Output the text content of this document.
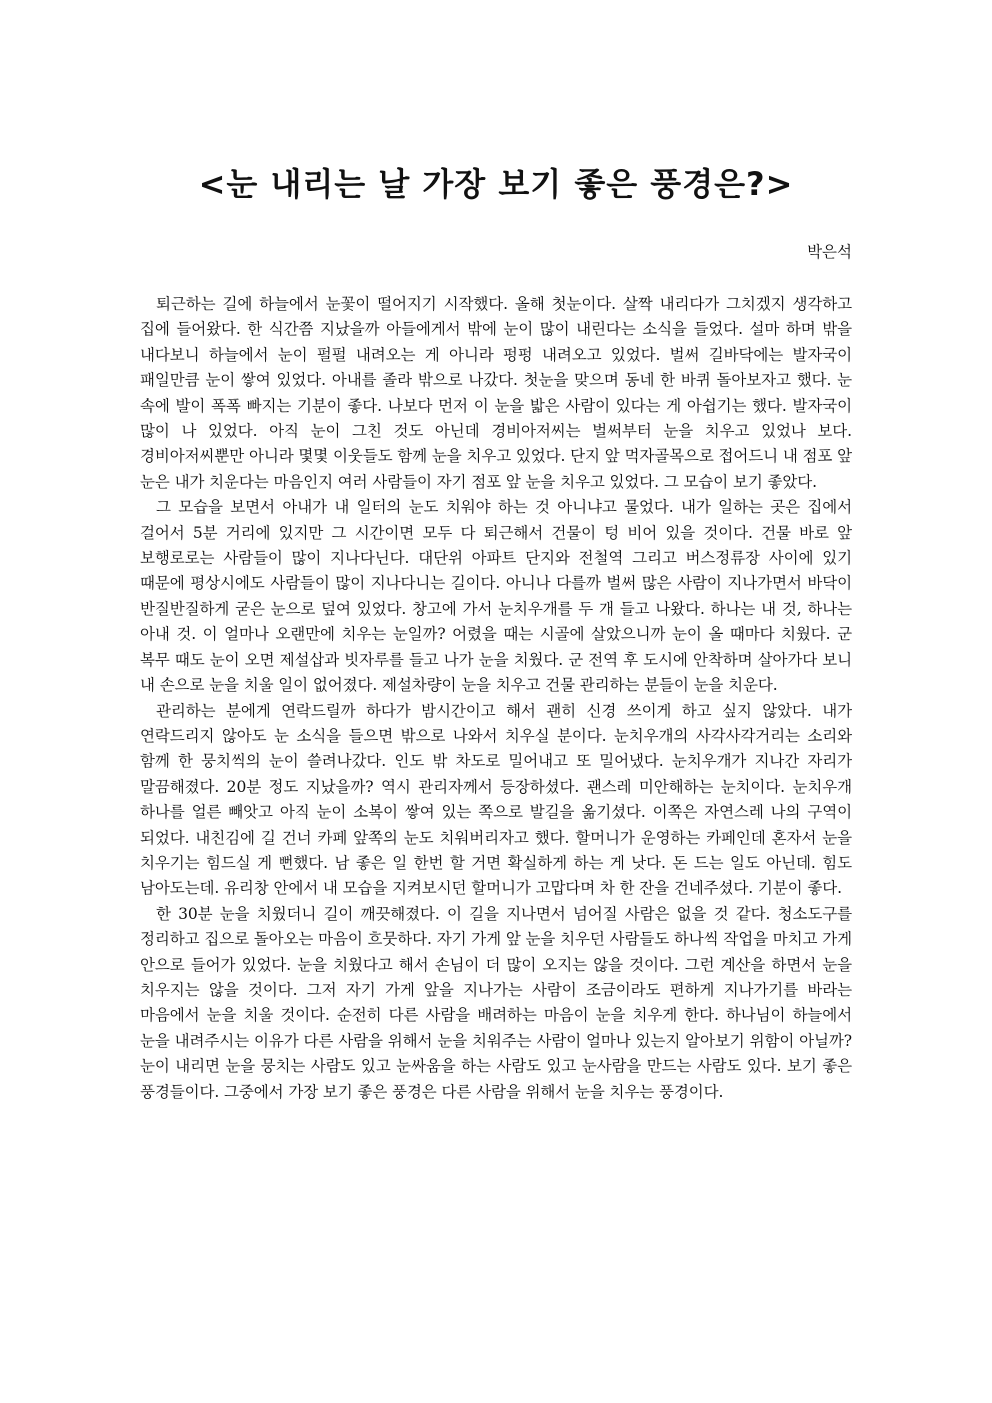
<눈 내리는 날 가장 보기 좋은 풍경은?>
박은석

퇴근하는 길에 하늘에서 눈꽃이 떨어지기 시작했다. 올해 첫눈이다. 살짝 내리다가 그치겠지 생각하고 집에 들어왔다. 한 식간쯤 지났을까 아들에게서 밖에 눈이 많이 내린다는 소식을 들었다. 설마 하며 밖을 내다보니 하늘에서 눈이 펄펄 내려오는 게 아니라 펑펑 내려오고 있었다. 벌써 길바닥에는 발자국이 패일만큼 눈이 쌓여 있었다. 아내를 졸라 밖으로 나갔다. 첫눈을 맞으며 동네 한 바퀴 돌아보자고 했다. 눈 속에 발이 폭폭 빠지는 기분이 좋다. 나보다 먼저 이 눈을 밟은 사람이 있다는 게 아쉽기는 했다. 발자국이 많이 나 있었다. 아직 눈이 그친 것도 아닌데 경비아저씨는 벌써부터 눈을 치우고 있었나 보다. 경비아저씨뿐만 아니라 몇몇 이웃들도 함께 눈을 치우고 있었다. 단지 앞 먹자골목으로 접어드니 내 점포 앞 눈은 내가 치운다는 마음인지 여러 사람들이 자기 점포 앞 눈을 치우고 있었다. 그 모습이 보기 좋았다.

그 모습을 보면서 아내가 내 일터의 눈도 치워야 하는 것 아니냐고 물었다. 내가 일하는 곳은 집에서 걸어서 5분 거리에 있지만 그 시간이면 모두 다 퇴근해서 건물이 텅 비어 있을 것이다. 건물 바로 앞 보행로로는 사람들이 많이 지나다닌다. 대단위 아파트 단지와 전철역 그리고 버스정류장 사이에 있기 때문에 평상시에도 사람들이 많이 지나다니는 길이다. 아니나 다를까 벌써 많은 사람이 지나가면서 바닥이 반질반질하게 굳은 눈으로 덮여 있었다. 창고에 가서 눈치우개를 두 개 들고 나왔다. 하나는 내 것, 하나는 아내 것. 이 얼마나 오랜만에 치우는 눈일까? 어렸을 때는 시골에 살았으니까 눈이 올 때마다 치웠다. 군 복무 때도 눈이 오면 제설삽과 빗자루를 들고 나가 눈을 치웠다. 군 전역 후 도시에 안착하며 살아가다 보니 내 손으로 눈을 치울 일이 없어졌다. 제설차량이 눈을 치우고 건물 관리하는 분들이 눈을 치운다.

관리하는 분에게 연락드릴까 하다가 밤시간이고 해서 괜히 신경 쓰이게 하고 싶지 않았다. 내가 연락드리지 않아도 눈 소식을 들으면 밖으로 나와서 치우실 분이다. 눈치우개의 사각사각거리는 소리와 함께 한 뭉치씩의 눈이 쓸려나갔다. 인도 밖 차도로 밀어내고 또 밀어냈다. 눈치우개가 지나간 자리가 말끔해졌다. 20분 정도 지났을까? 역시 관리자께서 등장하셨다. 괜스레 미안해하는 눈치이다. 눈치우개 하나를 얼른 빼앗고 아직 눈이 소복이 쌓여 있는 쪽으로 발길을 옮기셨다. 이쪽은 자연스레 나의 구역이 되었다. 내친김에 길 건너 카페 앞쪽의 눈도 치워버리자고 했다. 할머니가 운영하는 카페인데 혼자서 눈을 치우기는 힘드실 게 뻔했다. 남 좋은 일 한번 할 거면 확실하게 하는 게 낫다. 돈 드는 일도 아닌데. 힘도 남아도는데. 유리창 안에서 내 모습을 지켜보시던 할머니가 고맙다며 차 한 잔을 건네주셨다. 기분이 좋다.

한 30분 눈을 치웠더니 길이 깨끗해졌다. 이 길을 지나면서 넘어질 사람은 없을 것 같다. 청소도구를 정리하고 집으로 돌아오는 마음이 흐뭇하다. 자기 가게 앞 눈을 치우던 사람들도 하나씩 작업을 마치고 가게 안으로 들어가 있었다. 눈을 치웠다고 해서 손님이 더 많이 오지는 않을 것이다. 그런 계산을 하면서 눈을 치우지는 않을 것이다. 그저 자기 가게 앞을 지나가는 사람이 조금이라도 편하게 지나가기를 바라는 마음에서 눈을 치울 것이다. 순전히 다른 사람을 배려하는 마음이 눈을 치우게 한다. 하나님이 하늘에서 눈을 내려주시는 이유가 다른 사람을 위해서 눈을 치워주는 사람이 얼마나 있는지 알아보기 위함이 아닐까? 눈이 내리면 눈을 뭉치는 사람도 있고 눈싸움을 하는 사람도 있고 눈사람을 만드는 사람도 있다. 보기 좋은 풍경들이다. 그중에서 가장 보기 좋은 풍경은 다른 사람을 위해서 눈을 치우는 풍경이다.
